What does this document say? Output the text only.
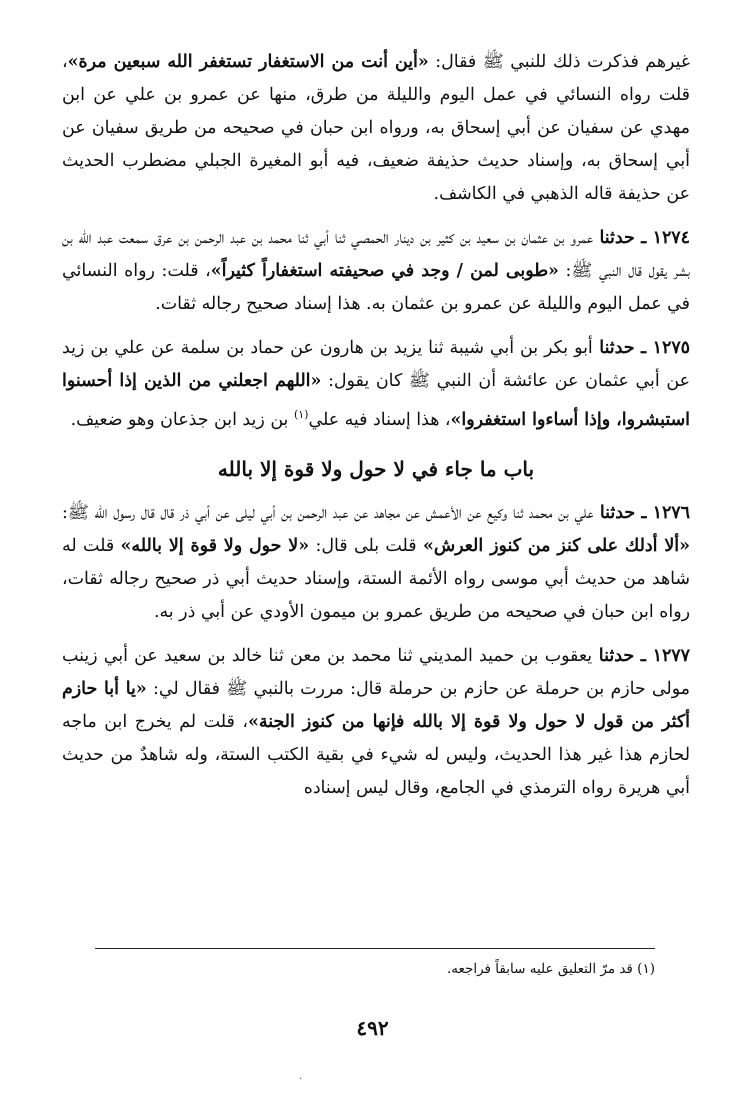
غيرهم فذكرت ذلك للنبي ﷺ فقال: «أين أنت من الاستغفار تستغفر الله سبعين مرة»، قلت رواه النسائي في عمل اليوم والليلة من طرق، منها عن عمرو بن علي عن ابن مهدي عن سفيان عن أبي إسحاق به، ورواه ابن حبان في صحيحه من طريق سفيان عن أبي إسحاق به، وإسناد حديث حذيفة ضعيف، فيه أبو المغيرة الجبلي مضطرب الحديث عن حذيفة قاله الذهبي في الكاشف.

١٢٧٤ ـ حدثنا عمرو بن عثمان بن سعيد بن كثير بن دينار الحمصي ثنا أبي ثنا محمد بن عبد الرحمن بن عرق سمعت عبد الله بن بشر يقول قال النبي ﷺ: «طوبى لمن / وجد في صحيفته استغفاراً كثيراً»، قلت: رواه النسائي في عمل اليوم والليلة عن عمرو بن عثمان به. هذا إسناد صحيح رجاله ثقات.

١٢٧٥ ـ حدثنا أبو بكر بن أبي شيبة ثنا يزيد بن هارون عن حماد بن سلمة عن علي بن زيد عن أبي عثمان عن عائشة أن النبي ﷺ كان يقول: «اللهم اجعلني من الذين إذا أحسنوا استبشروا، وإذا أساءوا استغفروا»، هذا إسناد فيه علي$^{(١)}$ بن زيد ابن جذعان وهو ضعيف.

باب ما جاء في لا حول ولا قوة إلا بالله

١٢٧٦ ـ حدثنا علي بن محمد ثنا وكيع عن الأعمش عن مجاهد عن عبد الرحمن بن أبي ليلى عن أبي ذر قال قال رسول الله ﷺ: «ألا أدلك على كنز من كنوز العرش» قلت بلى قال: «لا حول ولا قوة إلا بالله» قلت له شاهد من حديث أبي موسى رواه الأئمة الستة، وإسناد حديث أبي ذر صحيح رجاله ثقات، رواه ابن حبان في صحيحه من طريق عمرو بن ميمون الأودي عن أبي ذر به.

١٢٧٧ ـ حدثنا يعقوب بن حميد المديني ثنا محمد بن معن ثنا خالد بن سعيد عن أبي زينب مولى حازم بن حرملة عن حازم بن حرملة قال: مررت بالنبي ﷺ فقال لي: «يا أبا حازم أكثر من قول لا حول ولا قوة إلا بالله فإنها من كنوز الجنة»، قلت لم يخرج ابن ماجه لحازم هذا غير هذا الحديث، وليس له شيء في بقية الكتب الستة، وله شاهدٌ من حديث أبي هريرة رواه الترمذي في الجامع، وقال ليس إسناده

(١) قد مرّ التعليق عليه سابقاً فراجعه.
٤٩٢
·
